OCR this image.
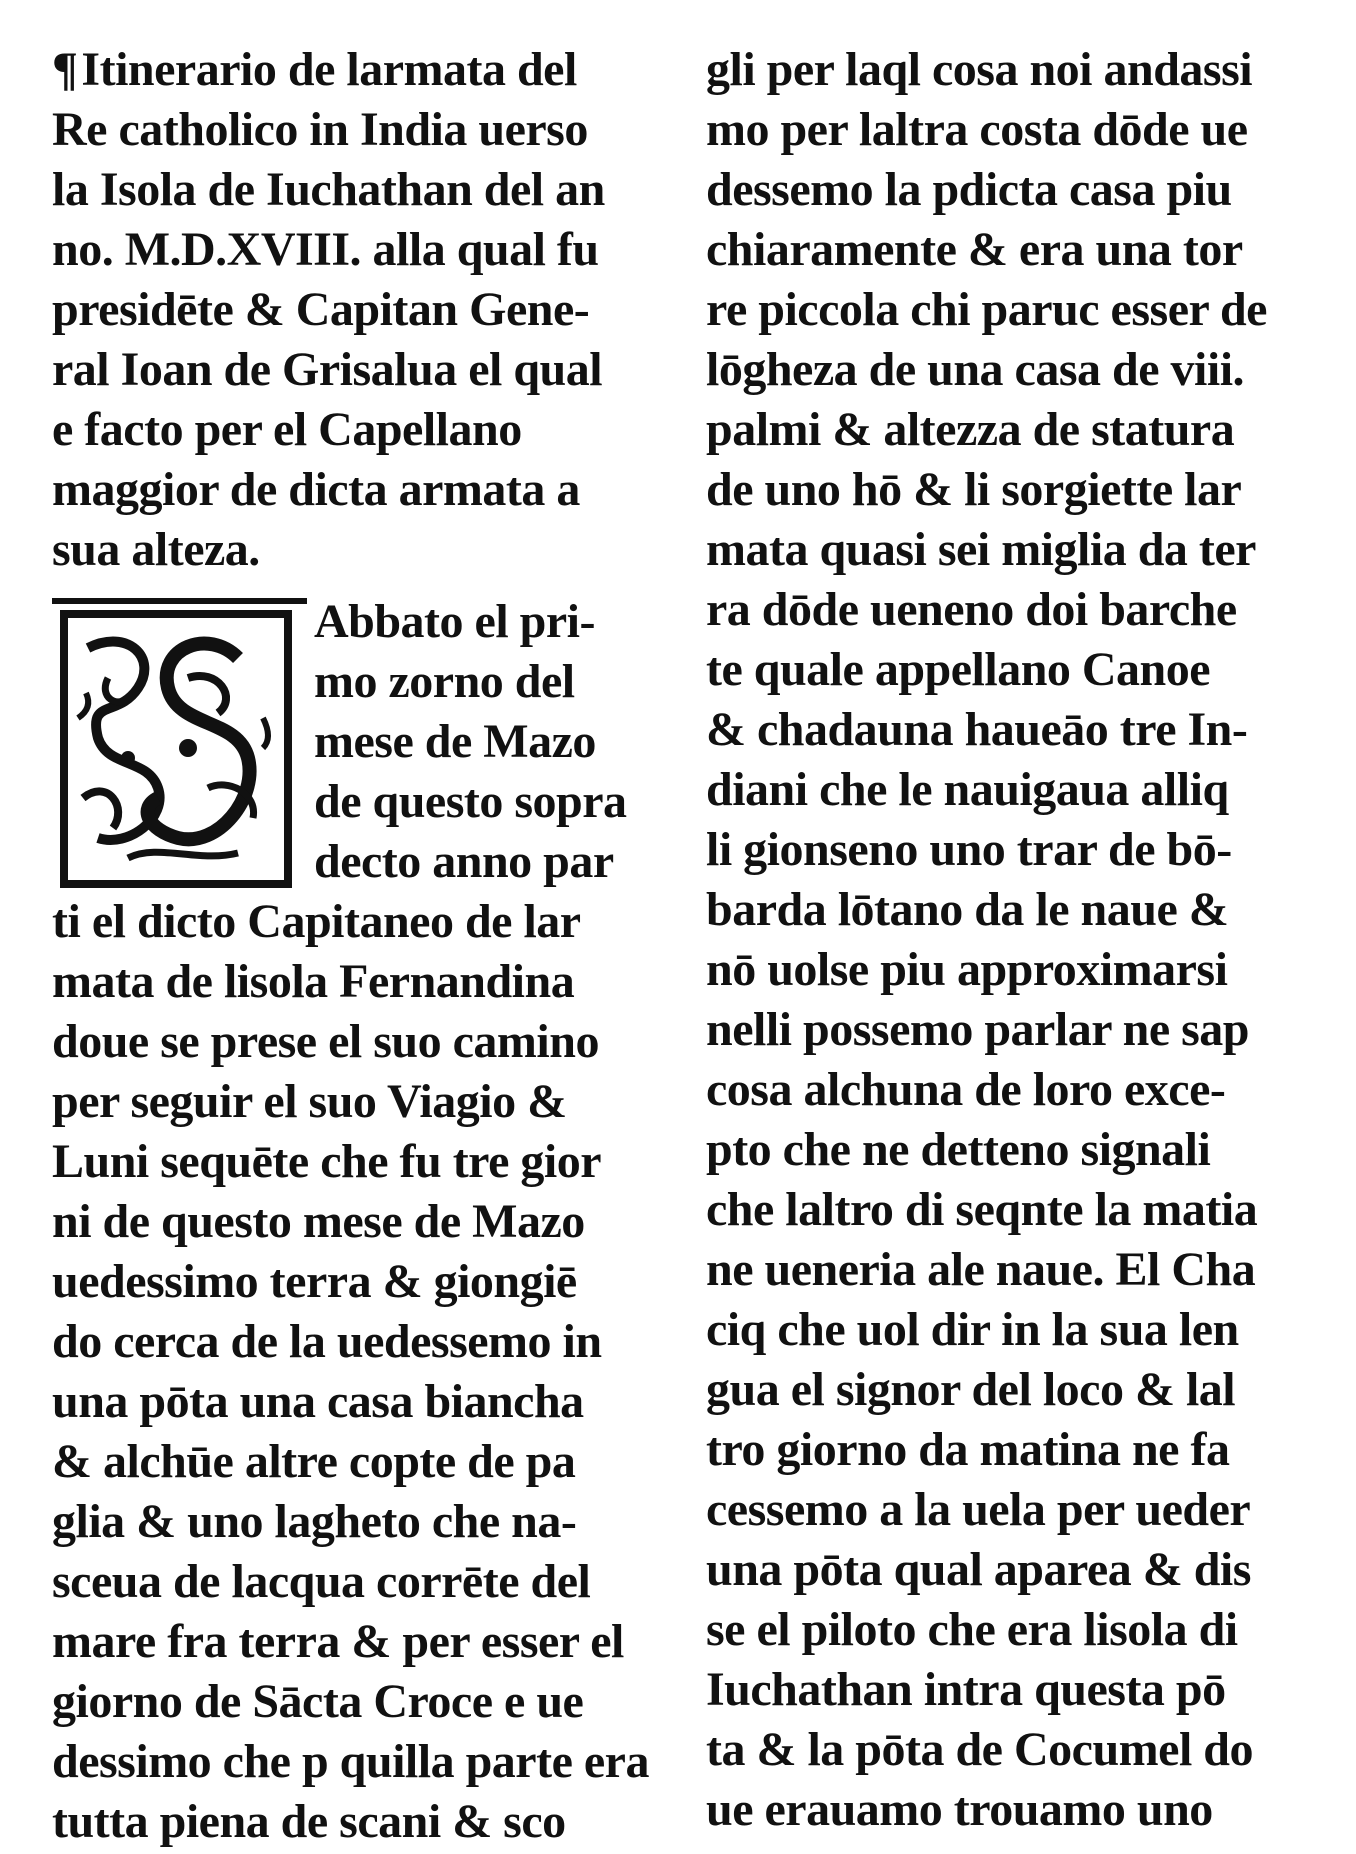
¶Itinerario de larmata del
Re catholico in India uerso
la Isola de Iuchathan del an
no. M.D.XVIII. alla qual fu
presidēte & Capitan Gene-
ral Ioan de Grisalua el qual
e facto per el Capellano
maggior de dicta armata a
sua alteza.
Abbato el pri-
mo zorno del
mese de Mazo
de questo sopra
decto anno par
ti el dicto Capitaneo de lar
mata de lisola Fernandina
doue se prese el suo camino
per seguir el suo Viagio &
Luni sequēte che fu tre gior
ni de questo mese de Mazo
uedessimo terra & giongiē
do cerca de la uedessemo in
una pōta una casa biancha
& alchūe altre copte de pa
glia & uno lagheto che na-
sceua de lacqua corrēte del
mare fra terra & per esser el
giorno de Sācta Croce e ue
dessimo che p quilla parte era
tutta piena de scani & sco
gli per laql cosa noi andassi
mo per laltra costa dōde ue
dessemo la pdicta casa piu
chiaramente & era una tor
re piccola chi paruc esser de
lōgheza de una casa de viii.
palmi & altezza de statura
de uno hō & li sorgiette lar
mata quasi sei miglia da ter
ra dōde ueneno doi barche
te quale appellano Canoe
& chadauna haueāo tre In-
diani che le nauigaua alliq
li gionseno uno trar de bō-
barda lōtano da le naue &
nō uolse piu approximarsi
nelli possemo parlar ne sap
cosa alchuna de loro exce-
pto che ne detteno signali
che laltro di seqnte la matia
ne ueneria ale naue. El Cha
ciq che uol dir in la sua len
gua el signor del loco & lal
tro giorno da matina ne fa
cessemo a la uela per ueder
una pōta qual aparea & dis
se el piloto che era lisola di
Iuchathan intra questa pō
ta & la pōta de Cocumel do
ue erauamo trouamo uno
